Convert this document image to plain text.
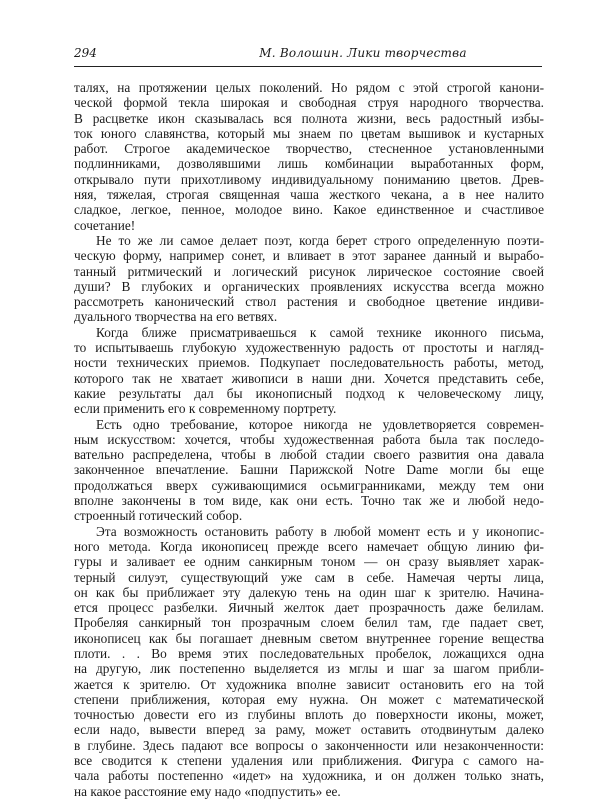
294	М. Волошин. Лики творчества
талях, на протяжении целых поколений. Но рядом с этой строгой канони-
ческой формой текла широкая и свободная струя народного творчества.
В расцветке икон сказывалась вся полнота жизни, весь радостный избы-
ток юного славянства, который мы знаем по цветам вышивок и кустарных
работ. Строгое академическое творчество, стесненное установленными
подлинниками, дозволявшими лишь комбинации выработанных форм,
открывало пути прихотливому индивидуальному пониманию цветов. Древ-
няя, тяжелая, строгая священная чаша жесткого чекана, а в нее налито
сладкое, легкое, пенное, молодое вино. Какое единственное и счастливое
сочетание!
Не то же ли самое делает поэт, когда берет строго определенную поэти-
ческую форму, например сонет, и вливает в этот заранее данный и вырабо-
танный ритмический и логический рисунок лирическое состояние своей
души? В глубоких и органических проявлениях искусства всегда можно
рассмотреть канонический ствол растения и свободное цветение индиви-
дуального творчества на его ветвях.
Когда ближе присматриваешься к самой технике иконного письма,
то испытываешь глубокую художественную радость от простоты и нагляд-
ности технических приемов. Подкупает последовательность работы, метод,
которого так не хватает живописи в наши дни. Хочется представить себе,
какие результаты дал бы иконописный подход к человеческому лицу,
если применить его к современному портрету.
Есть одно требование, которое никогда не удовлетворяется современ-
ным искусством: хочется, чтобы художественная работа была так последо-
вательно распределена, чтобы в любой стадии своего развития она давала
законченное впечатление. Башни Парижской Notre Dame могли бы еще
продолжаться вверх суживающимися осьмигранниками, между тем они
вполне закончены в том виде, как они есть. Точно так же и любой недо-
строенный готический собор.
Эта возможность остановить работу в любой момент есть и у иконопис-
ного метода. Когда иконописец прежде всего намечает общую линию фи-
гуры и заливает ее одним санкирным тоном — он сразу выявляет харак-
терный силуэт, существующий уже сам в себе. Намечая черты лица,
он как бы приближает эту далекую тень на один шаг к зрителю. Начина-
ется процесс разбелки. Яичный желток дает прозрачность даже белилам.
Пробеляя санкирный тон прозрачным слоем белил там, где падает свет,
иконописец как бы погашает дневным светом внутреннее горение вещества
плоти. . . Во время этих последовательных пробелок, ложащихся одна
на другую, лик постепенно выделяется из мглы и шаг за шагом прибли-
жается к зрителю. От художника вполне зависит остановить его на той
степени приближения, которая ему нужна. Он может с математической
точностью довести его из глубины вплоть до поверхности иконы, может,
если надо, вывести вперед за раму, может оставить отодвинутым далеко
в глубине. Здесь падают все вопросы о законченности или незаконченности:
все сводится к степени удаления или приближения. Фигура с самого на-
чала работы постепенно «идет» на художника, и он должен только знать,
на какое расстояние ему надо «подпустить» ее.
